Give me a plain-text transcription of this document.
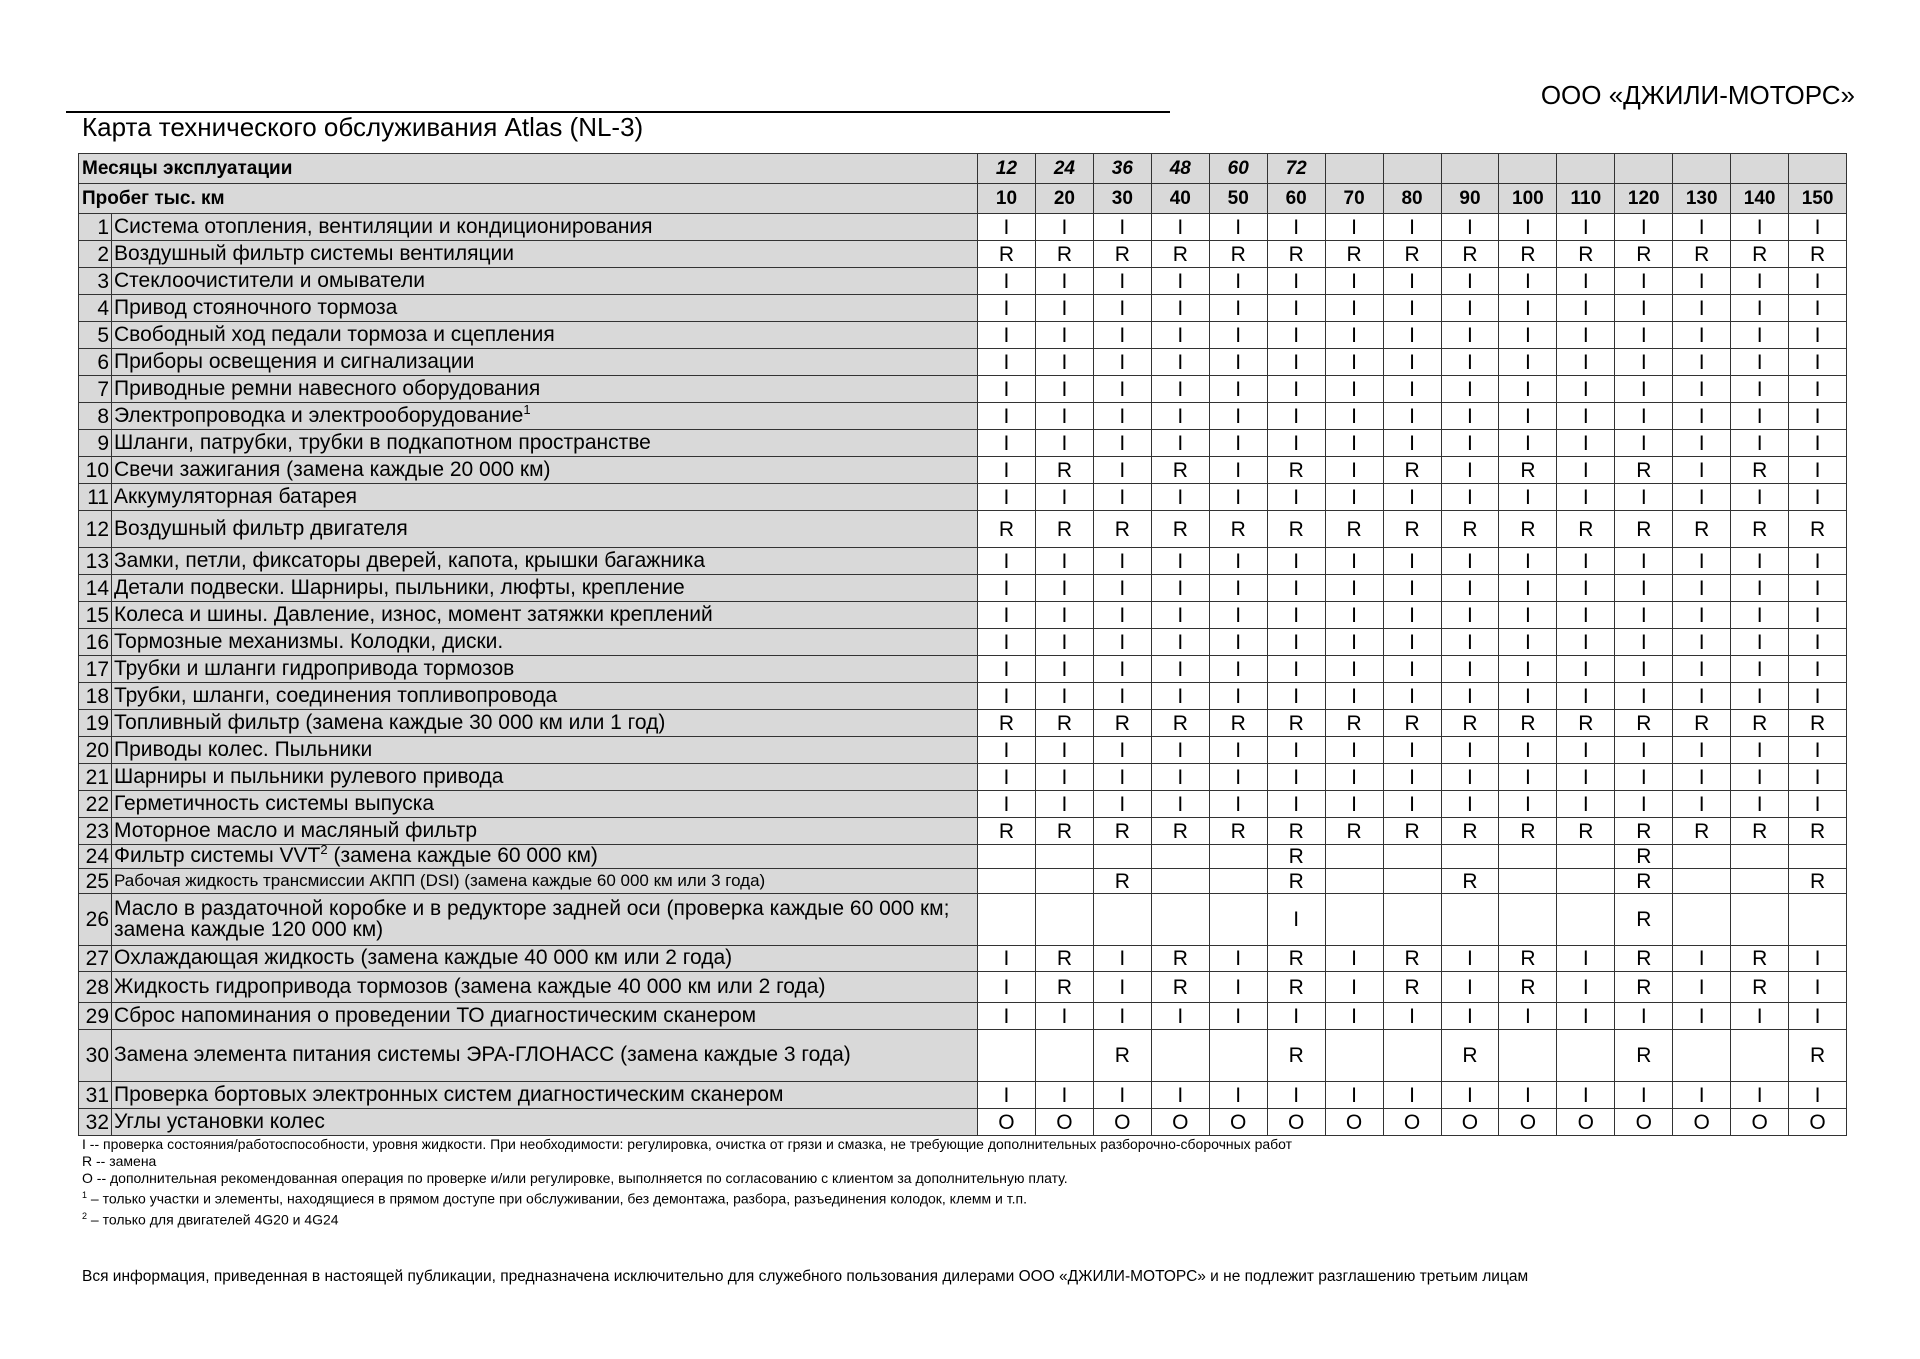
ООО «ДЖИЛИ-МОТОРС»
Карта технического обслуживания Atlas (NL-3)
Месяцы эксплуатации		12	24	36	48	60	72									
Пробег тыс. км		10	20	30	40	50	60	70	80	90	100	110	120	130	140	150
1	Система отопления, вентиляции и кондиционирования	I	I	I	I	I	I	I	I	I	I	I	I	I	I	I
2	Воздушный фильтр системы вентиляции	R	R	R	R	R	R	R	R	R	R	R	R	R	R	R
3	Стеклоочистители и омыватели	I	I	I	I	I	I	I	I	I	I	I	I	I	I	I
4	Привод стояночного тормоза	I	I	I	I	I	I	I	I	I	I	I	I	I	I	I
5	Свободный ход педали тормоза и сцепления	I	I	I	I	I	I	I	I	I	I	I	I	I	I	I
6	Приборы освещения и сигнализации	I	I	I	I	I	I	I	I	I	I	I	I	I	I	I
7	Приводные ремни навесного оборудования	I	I	I	I	I	I	I	I	I	I	I	I	I	I	I
8	Электропроводка и электрооборудование$^1$	I	I	I	I	I	I	I	I	I	I	I	I	I	I	I
9	Шланги, патрубки, трубки в подкапотном пространстве	I	I	I	I	I	I	I	I	I	I	I	I	I	I	I
10	Свечи зажигания (замена каждые 20 000 км)	I	R	I	R	I	R	I	R	I	R	I	R	I	R	I
11	Аккумуляторная батарея	I	I	I	I	I	I	I	I	I	I	I	I	I	I	I
12	Воздушный фильтр двигателя	R	R	R	R	R	R	R	R	R	R	R	R	R	R	R
13	Замки, петли, фиксаторы дверей, капота, крышки багажника	I	I	I	I	I	I	I	I	I	I	I	I	I	I	I
14	Детали подвески. Шарниры, пыльники, люфты, крепление	I	I	I	I	I	I	I	I	I	I	I	I	I	I	I
15	Колеса и шины. Давление, износ, момент затяжки креплений	I	I	I	I	I	I	I	I	I	I	I	I	I	I	I
16	Тормозные механизмы. Колодки, диски.	I	I	I	I	I	I	I	I	I	I	I	I	I	I	I
17	Трубки и шланги гидропривода тормозов	I	I	I	I	I	I	I	I	I	I	I	I	I	I	I
18	Трубки, шланги, соединения топливопровода	I	I	I	I	I	I	I	I	I	I	I	I	I	I	I
19	Топливный фильтр (замена каждые 30 000 км или 1 год)	R	R	R	R	R	R	R	R	R	R	R	R	R	R	R
20	Приводы колес. Пыльники	I	I	I	I	I	I	I	I	I	I	I	I	I	I	I
21	Шарниры и пыльники рулевого привода	I	I	I	I	I	I	I	I	I	I	I	I	I	I	I
22	Герметичность системы выпуска	I	I	I	I	I	I	I	I	I	I	I	I	I	I	I
23	Моторное масло и масляный фильтр	R	R	R	R	R	R	R	R	R	R	R	R	R	R	R
24	Фильтр системы VVT$^2$ (замена каждые 60 000 км)						R						R			
25	Рабочая жидкость трансмиссии АКПП (DSI) (замена каждые 60 000 км или 3 года)			R			R			R			R			R
26	Масло в раздаточной коробке и в редукторе задней оси (проверка каждые 60 000 км; замена каждые 120 000 км)						I						R			
27	Охлаждающая жидкость (замена каждые 40 000 км или 2 года)	I	R	I	R	I	R	I	R	I	R	I	R	I	R	I
28	Жидкость гидропривода тормозов (замена каждые 40 000 км или 2 года)	I	R	I	R	I	R	I	R	I	R	I	R	I	R	I
29	Сброс напоминания о проведении ТО диагностическим сканером	I	I	I	I	I	I	I	I	I	I	I	I	I	I	I
30	Замена элемента питания системы ЭРА-ГЛОНАСС (замена каждые 3 года)			R			R			R			R			R
31	Проверка бортовых электронных систем диагностическим сканером	I	I	I	I	I	I	I	I	I	I	I	I	I	I	I
32	Углы установки колес	O	O	O	O	O	O	O	O	O	O	O	O	O	O	O
I -- проверка состояния/работоспособности, уровня жидкости. При необходимости: регулировка, очистка от грязи и смазка, не требующие дополнительных разборочно-сборочных работ
R -- замена
O -- дополнительная рекомендованная операция по проверке и/или регулировке, выполняется по согласованию с клиентом за дополнительную плату.
$^1$ – только участки и элементы, находящиеся в прямом доступе при обслуживании, без демонтажа, разбора, разъединения колодок, клемм и т.п.
$^2$ – только для двигателей 4G20 и 4G24
Вся информация, приведенная в настоящей публикации, предназначена исключительно для служебного пользования дилерами ООО «ДЖИЛИ-МОТОРС» и не подлежит разглашению третьим лицам
